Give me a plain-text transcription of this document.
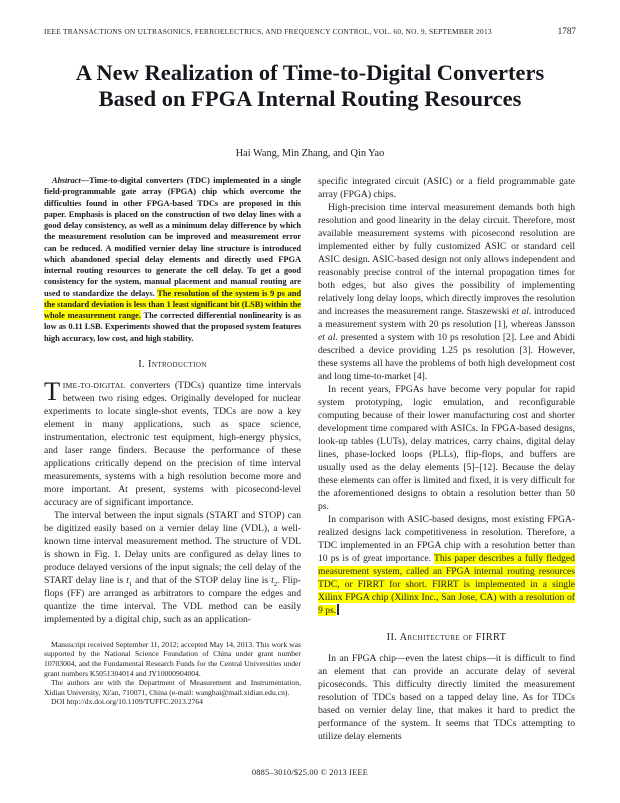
IEEE TRANSACTIONS ON ULTRASONICS, FERROELECTRICS, AND FREQUENCY CONTROL, VOL. 60, NO. 9, SEPTEMBER 2013	1787
A New Realization of Time-to-Digital Converters Based on FPGA Internal Routing Resources
Hai Wang, Min Zhang, and Qin Yao

Abstract—Time-to-digital converters (TDC) implemented in a single field-programmable gate array (FPGA) chip which overcome the difficulties found in other FPGA-based TDCs are proposed in this paper. Emphasis is placed on the construction of two delay lines with a good delay consistency, as well as a minimum delay difference by which the measurement resolution can be improved and measurement error can be reduced. A modified vernier delay line structure is introduced which abandoned special delay elements and directly used FPGA internal routing resources to generate the cell delay. To get a good consistency for the system, manual placement and manual routing are used to standardize the delays. The resolution of the system is 9 ps and the standard deviation is less than 1 least significant bit (LSB) within the whole measurement range. The corrected differential nonlinearity is as low as 0.11 LSB. Experiments showed that the proposed system features high accuracy, low cost, and high stability.

I. Introduction

TIME-TO-DIGITAL converters (TDCs) quantize time intervals between two rising edges. Originally developed for nuclear experiments to locate single-shot events, TDCs are now a key element in many applications, such as space science, instrumentation, electronic test equipment, high-energy physics, and laser range finders. Because the performance of these applications critically depend on the precision of time interval measurements, systems with a high resolution become more and more important. At present, systems with picosecond-level accuracy are of significant importance.

The interval between the input signals (START and STOP) can be digitized easily based on a vernier delay line (VDL), a well-known time interval measurement method. The structure of VDL is shown in Fig. 1. Delay units are configured as delay lines to produce delayed versions of the input signals; the cell delay of the START delay line is $t_1$ and that of the STOP delay line is $t_2$. Flip-flops (FF) are arranged as arbitrators to compare the edges and quantize the time interval. The VDL method can be easily implemented by a digital chip, such as an application-

Manuscript received September 11, 2012; accepted May 14, 2013. This work was supported by the National Science Foundation of China under grant number 10703004, and the Fundamental Research Funds for the Central Universities under grant numbers K5051304014 and JY10000904004.

The authors are with the Department of Measurement and Instrumentation, Xidian University, Xi'an, 710071, China (e-mail: wanghai@mail.xidian.edu.cn).

DOI http://dx.doi.org/10.1109/TUFFC.2013.2764

specific integrated circuit (ASIC) or a field programmable gate array (FPGA) chips.

High-precision time interval measurement demands both high resolution and good linearity in the delay circuit. Therefore, most available measurement systems with picosecond resolution are implemented either by fully customized ASIC or standard cell ASIC design. ASIC-based design not only allows independent and reasonably precise control of the internal propagation times for both edges, but also gives the possibility of implementing relatively long delay loops, which directly improves the resolution and increases the measurement range. Staszewski et al. introduced a measurement system with 20 ps resolution [1], whereas Jansson et al. presented a system with 10 ps resolution [2]. Lee and Abidi described a device providing 1.25 ps resolution [3]. However, these systems all have the problems of both high development cost and long time-to-market [4].

In recent years, FPGAs have become very popular for rapid system prototyping, logic emulation, and reconfigurable computing because of their lower manufacturing cost and shorter development time compared with ASICs. In FPGA-based designs, look-up tables (LUTs), delay matrices, carry chains, digital delay lines, phase-locked loops (PLLs), flip-flops, and buffers are usually used as the delay elements [5]–[12]. Because the delay these elements can offer is limited and fixed, it is very difficult for the aforementioned designs to obtain a resolution better than 50 ps.

In comparison with ASIC-based designs, most existing FPGA-realized designs lack competitiveness in resolution. Therefore, a TDC implemented in an FPGA chip with a resolution better than 10 ps is of great importance. This paper describes a fully fledged measurement system, called an FPGA internal routing resources TDC, or FIRRT for short. FIRRT is implemented in a single Xilinx FPGA chip (Xilinx Inc., San Jose, CA) with a resolution of 9 ps.

II. Architecture of FIRRT

In an FPGA chip—even the latest chips—it is difficult to find an element that can provide an accurate delay of several picoseconds. This difficulty directly limited the measurement resolution of TDCs based on a tapped delay line. As for TDCs based on vernier delay line, that makes it hard to predict the performance of the system. It seems that TDCs attempting to utilize delay elements

0885–3010/$25.00 © 2013 IEEE
